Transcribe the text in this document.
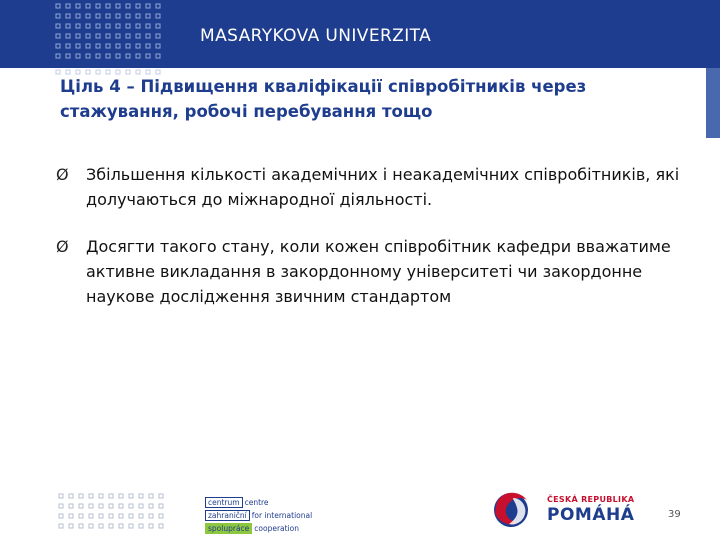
MASARYKOVA UNIVERZITA
Ціль 4 – Підвищення кваліфікації співробітників через стажування, робочі перебування тощо
Ø Збільшення кількості академічних і неакадемічних співробітників, які долучаються до міжнародної діяльності.
Ø Досягти такого стану, коли кожен співробітник кафедри вважатиме активне викладання в закордонному університеті чи закордонне наукове дослідження звичним стандартом
centrum centre
zahraniční for international
spolupráce cooperation
ČESKÁ REPUBLIKA
POMÁHÁ	39
